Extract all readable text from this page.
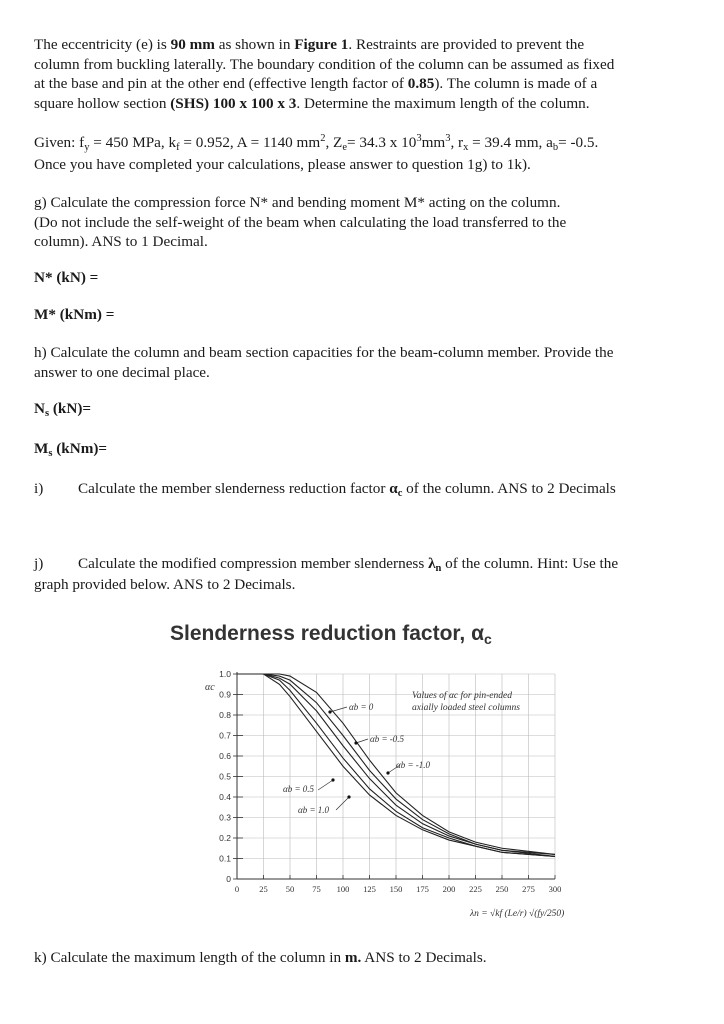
The eccentricity (e) is 90 mm as shown in Figure 1. Restraints are provided to prevent the
column from buckling laterally. The boundary condition of the column can be assumed as fixed
at the base and pin at the other end (effective length factor of 0.85). The column is made of a
square hollow section (SHS) 100 x 100 x 3. Determine the maximum length of the column.
Given: $f_y = 450$ MPa, $k_f = 0.952$, A = 1140 $mm^2$, $Z_e= 34.3$ x $10^3mm^3$, $r_x = 39.4$ mm, $a_b= -0.5$.
Once you have completed your calculations, please answer to question 1g) to 1k).
g) Calculate the compression force N* and bending moment M* acting on the column.
(Do not include the self-weight of the beam when calculating the load transferred to the
column). ANS to 1 Decimal.
N* (kN) =
M* (kNm) =
h) Calculate the column and beam section capacities for the beam-column member. Provide the
answer to one decimal place.
$N_s$ (kN)=
$M_s$ (kNm)=
i) Calculate the member slenderness reduction factor $\alpha_c$ of the column. ANS to 2 Decimals
j) Calculate the modified compression member slenderness $\lambda_n$ of the column. Hint: Use the
graph provided below. ANS to 2 Decimals.
Slenderness reduction factor, $\alpha_c$
0
0.1
0.2
0.3
0.4
0.5
0.6
0.7
0.8
0.9
1.0
0 25 50 75 100 125 150 175 200 225 250 275 300
αc
Values of αc for pin-ended
axially loaded steel columns
αb = 0
αb = -0.5
αb = -1.0
αb = 0.5
αb = 1.0
λn = √kf (Le/r) √(fy/250)
k) Calculate the maximum length of the column in m. ANS to 2 Decimals.
